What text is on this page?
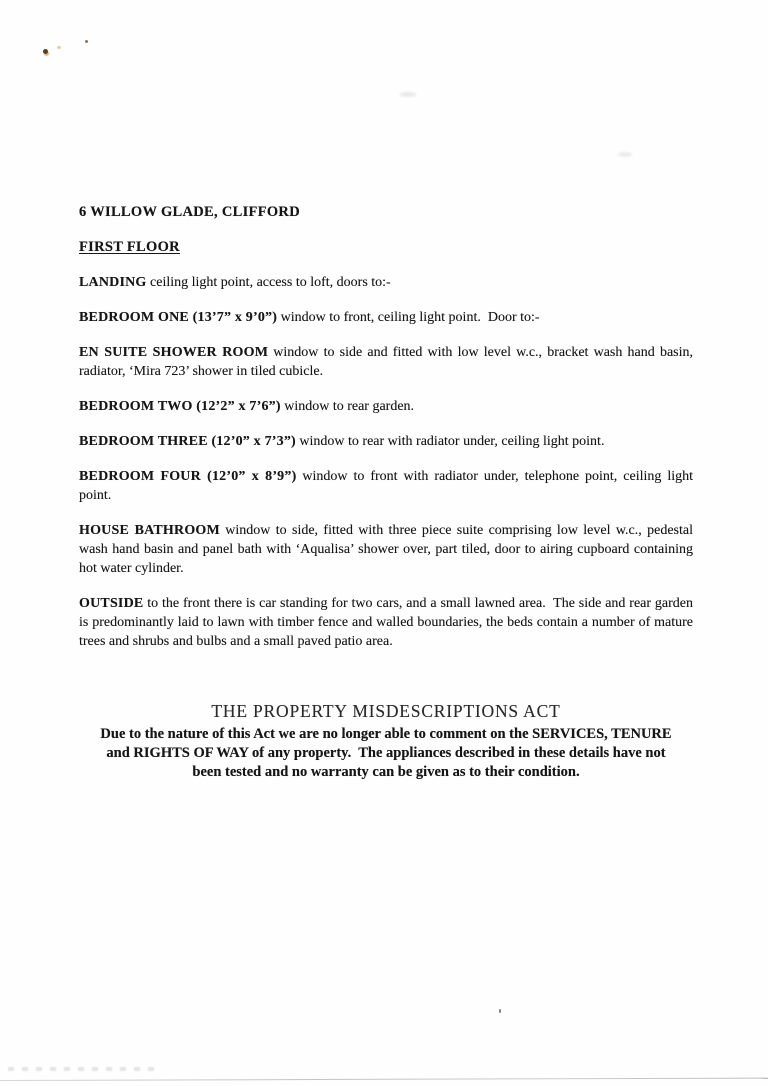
6 WILLOW GLADE, CLIFFORD
FIRST FLOOR

LANDING ceiling light point, access to loft, doors to:-

BEDROOM ONE (13’7” x 9’0”) window to front, ceiling light point.  Door to:-

EN SUITE SHOWER ROOM window to side and fitted with low level w.c., bracket wash hand basin, radiator, ‘Mira 723’ shower in tiled cubicle.

BEDROOM TWO (12’2” x 7’6”) window to rear garden.

BEDROOM THREE (12’0” x 7’3”) window to rear with radiator under, ceiling light point.

BEDROOM FOUR (12’0” x 8’9”) window to front with radiator under, telephone point, ceiling light point.

HOUSE BATHROOM window to side, fitted with three piece suite comprising low level w.c., pedestal wash hand basin and panel bath with ‘Aqualisa’ shower over, part tiled, door to airing cupboard containing hot water cylinder.

OUTSIDE to the front there is car standing for two cars, and a small lawned area.  The side and rear garden is predominantly laid to lawn with timber fence and walled boundaries, the beds contain a number of mature trees and shrubs and bulbs and a small paved patio area.

THE PROPERTY MISDESCRIPTIONS ACT
Due to the nature of this Act we are no longer able to comment on the SERVICES, TENURE and RIGHTS OF WAY of any property.  The appliances described in these details have not been tested and no warranty can be given as to their condition.
